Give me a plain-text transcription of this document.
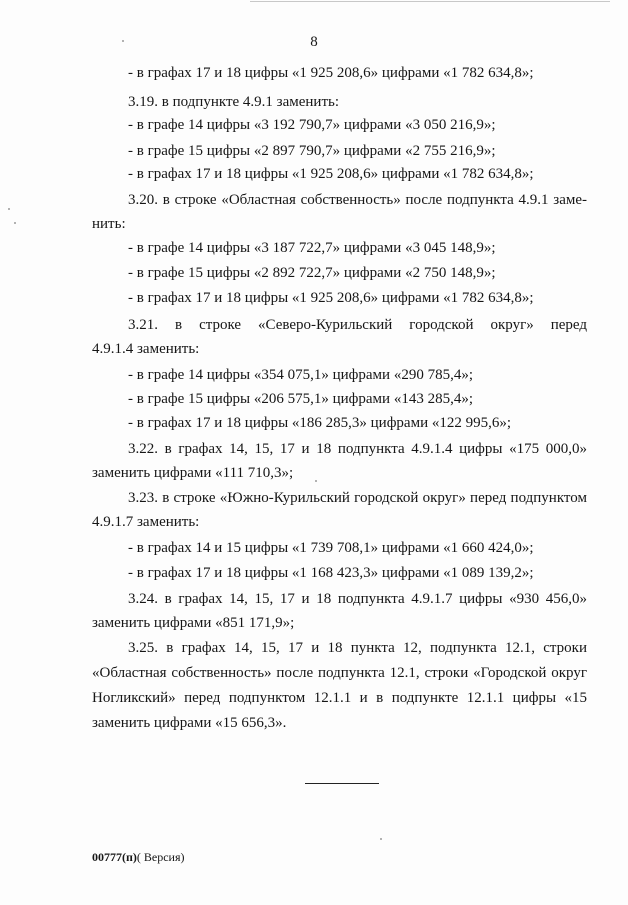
8
- в графах 17 и 18 цифры «1 925 208,6» цифрами «1 782 634,8»;
3.19. в подпункте 4.9.1 заменить:
- в графе 14 цифры «3 192 790,7» цифрами «3 050 216,9»;
- в графе 15 цифры «2 897 790,7» цифрами «2 755 216,9»;
- в графах 17 и 18 цифры «1 925 208,6» цифрами «1 782 634,8»;
3.20. в строке «Областная собственность» после подпункта 4.9.1 заме-
нить:
- в графе 14 цифры «3 187 722,7» цифрами «3 045 148,9»;
- в графе 15 цифры «2 892 722,7» цифрами «2 750 148,9»;
- в графах 17 и 18 цифры «1 925 208,6» цифрами «1 782 634,8»;
3.21. в строке «Северо-Курильский городской округ» перед
4.9.1.4 заменить:
- в графе 14 цифры «354 075,1» цифрами «290 785,4»;
- в графе 15 цифры «206 575,1» цифрами «143 285,4»;
- в графах 17 и 18 цифры «186 285,3» цифрами «122 995,6»;
3.22. в графах 14, 15, 17 и 18 подпункта 4.9.1.4 цифры «175 000,0»
заменить цифрами «111 710,3»;
3.23. в строке «Южно-Курильский городской округ» перед подпунктом
4.9.1.7 заменить:
- в графах 14 и 15 цифры «1 739 708,1» цифрами «1 660 424,0»;
- в графах 17 и 18 цифры «1 168 423,3» цифрами «1 089 139,2»;
3.24. в графах 14, 15, 17 и 18 подпункта 4.9.1.7 цифры «930 456,0»
заменить цифрами «851 171,9»;
3.25. в графах 14, 15, 17 и 18 пункта 12, подпункта 12.1, строки
«Областная собственность» после подпункта 12.1, строки «Городской округ
Ногликский» перед подпунктом 12.1.1 и в подпункте 12.1.1 цифры «15
заменить цифрами «15 656,3».
00777(п)( Версия)
